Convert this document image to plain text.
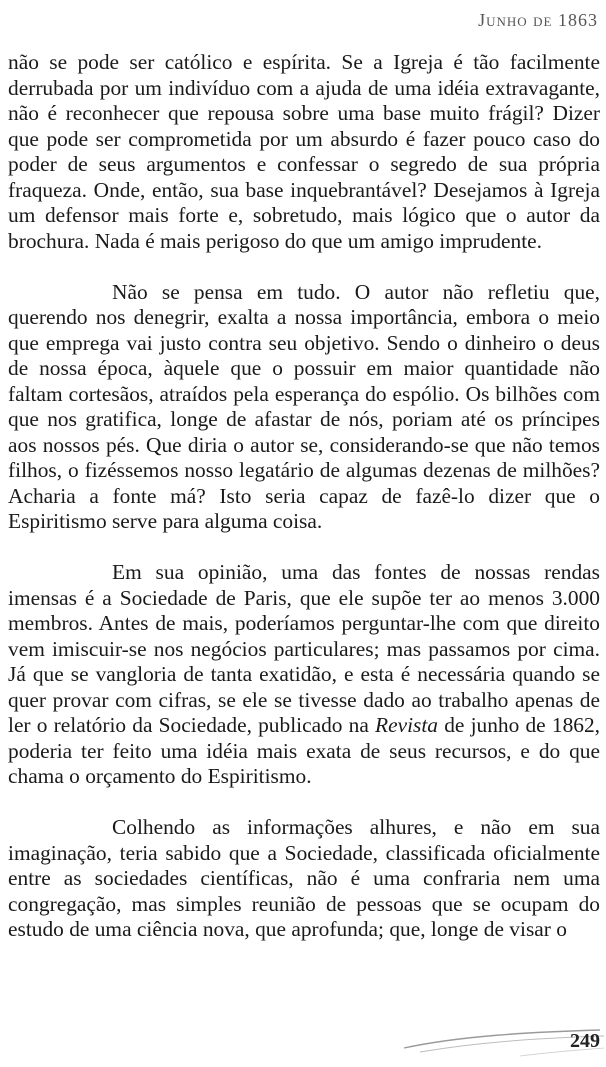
Junho de 1863

não se pode ser católico e espírita. Se a Igreja é tão facilmente derrubada por um indivíduo com a ajuda de uma idéia extravagante, não é reconhecer que repousa sobre uma base muito frágil? Dizer que pode ser comprometida por um absurdo é fazer pouco caso do poder de seus argumentos e confessar o segredo de sua própria fraqueza. Onde, então, sua base inquebrantável? Desejamos à Igreja um defensor mais forte e, sobretudo, mais lógico que o autor da brochura. Nada é mais perigoso do que um amigo imprudente.

Não se pensa em tudo. O autor não refletiu que, querendo nos denegrir, exalta a nossa importância, embora o meio que emprega vai justo contra seu objetivo. Sendo o dinheiro o deus de nossa época, àquele que o possuir em maior quantidade não faltam cortesãos, atraídos pela esperança do espólio. Os bilhões com que nos gratifica, longe de afastar de nós, poriam até os príncipes aos nossos pés. Que diria o autor se, considerando-se que não temos filhos, o fizéssemos nosso legatário de algumas dezenas de milhões? Acharia a fonte má? Isto seria capaz de fazê-lo dizer que o Espiritismo serve para alguma coisa.

Em sua opinião, uma das fontes de nossas rendas imensas é a Sociedade de Paris, que ele supõe ter ao menos 3.000 membros. Antes de mais, poderíamos perguntar-lhe com que direito vem imiscuir-se nos negócios particulares; mas passamos por cima. Já que se vangloria de tanta exatidão, e esta é necessária quando se quer provar com cifras, se ele se tivesse dado ao trabalho apenas de ler o relatório da Sociedade, publicado na Revista de junho de 1862, poderia ter feito uma idéia mais exata de seus recursos, e do que chama o orçamento do Espiritismo.

Colhendo as informações alhures, e não em sua imaginação, teria sabido que a Sociedade, classificada oficialmente entre as sociedades científicas, não é uma confraria nem uma congregação, mas simples reunião de pessoas que se ocupam do estudo de uma ciência nova, que aprofunda; que, longe de visar o

249
